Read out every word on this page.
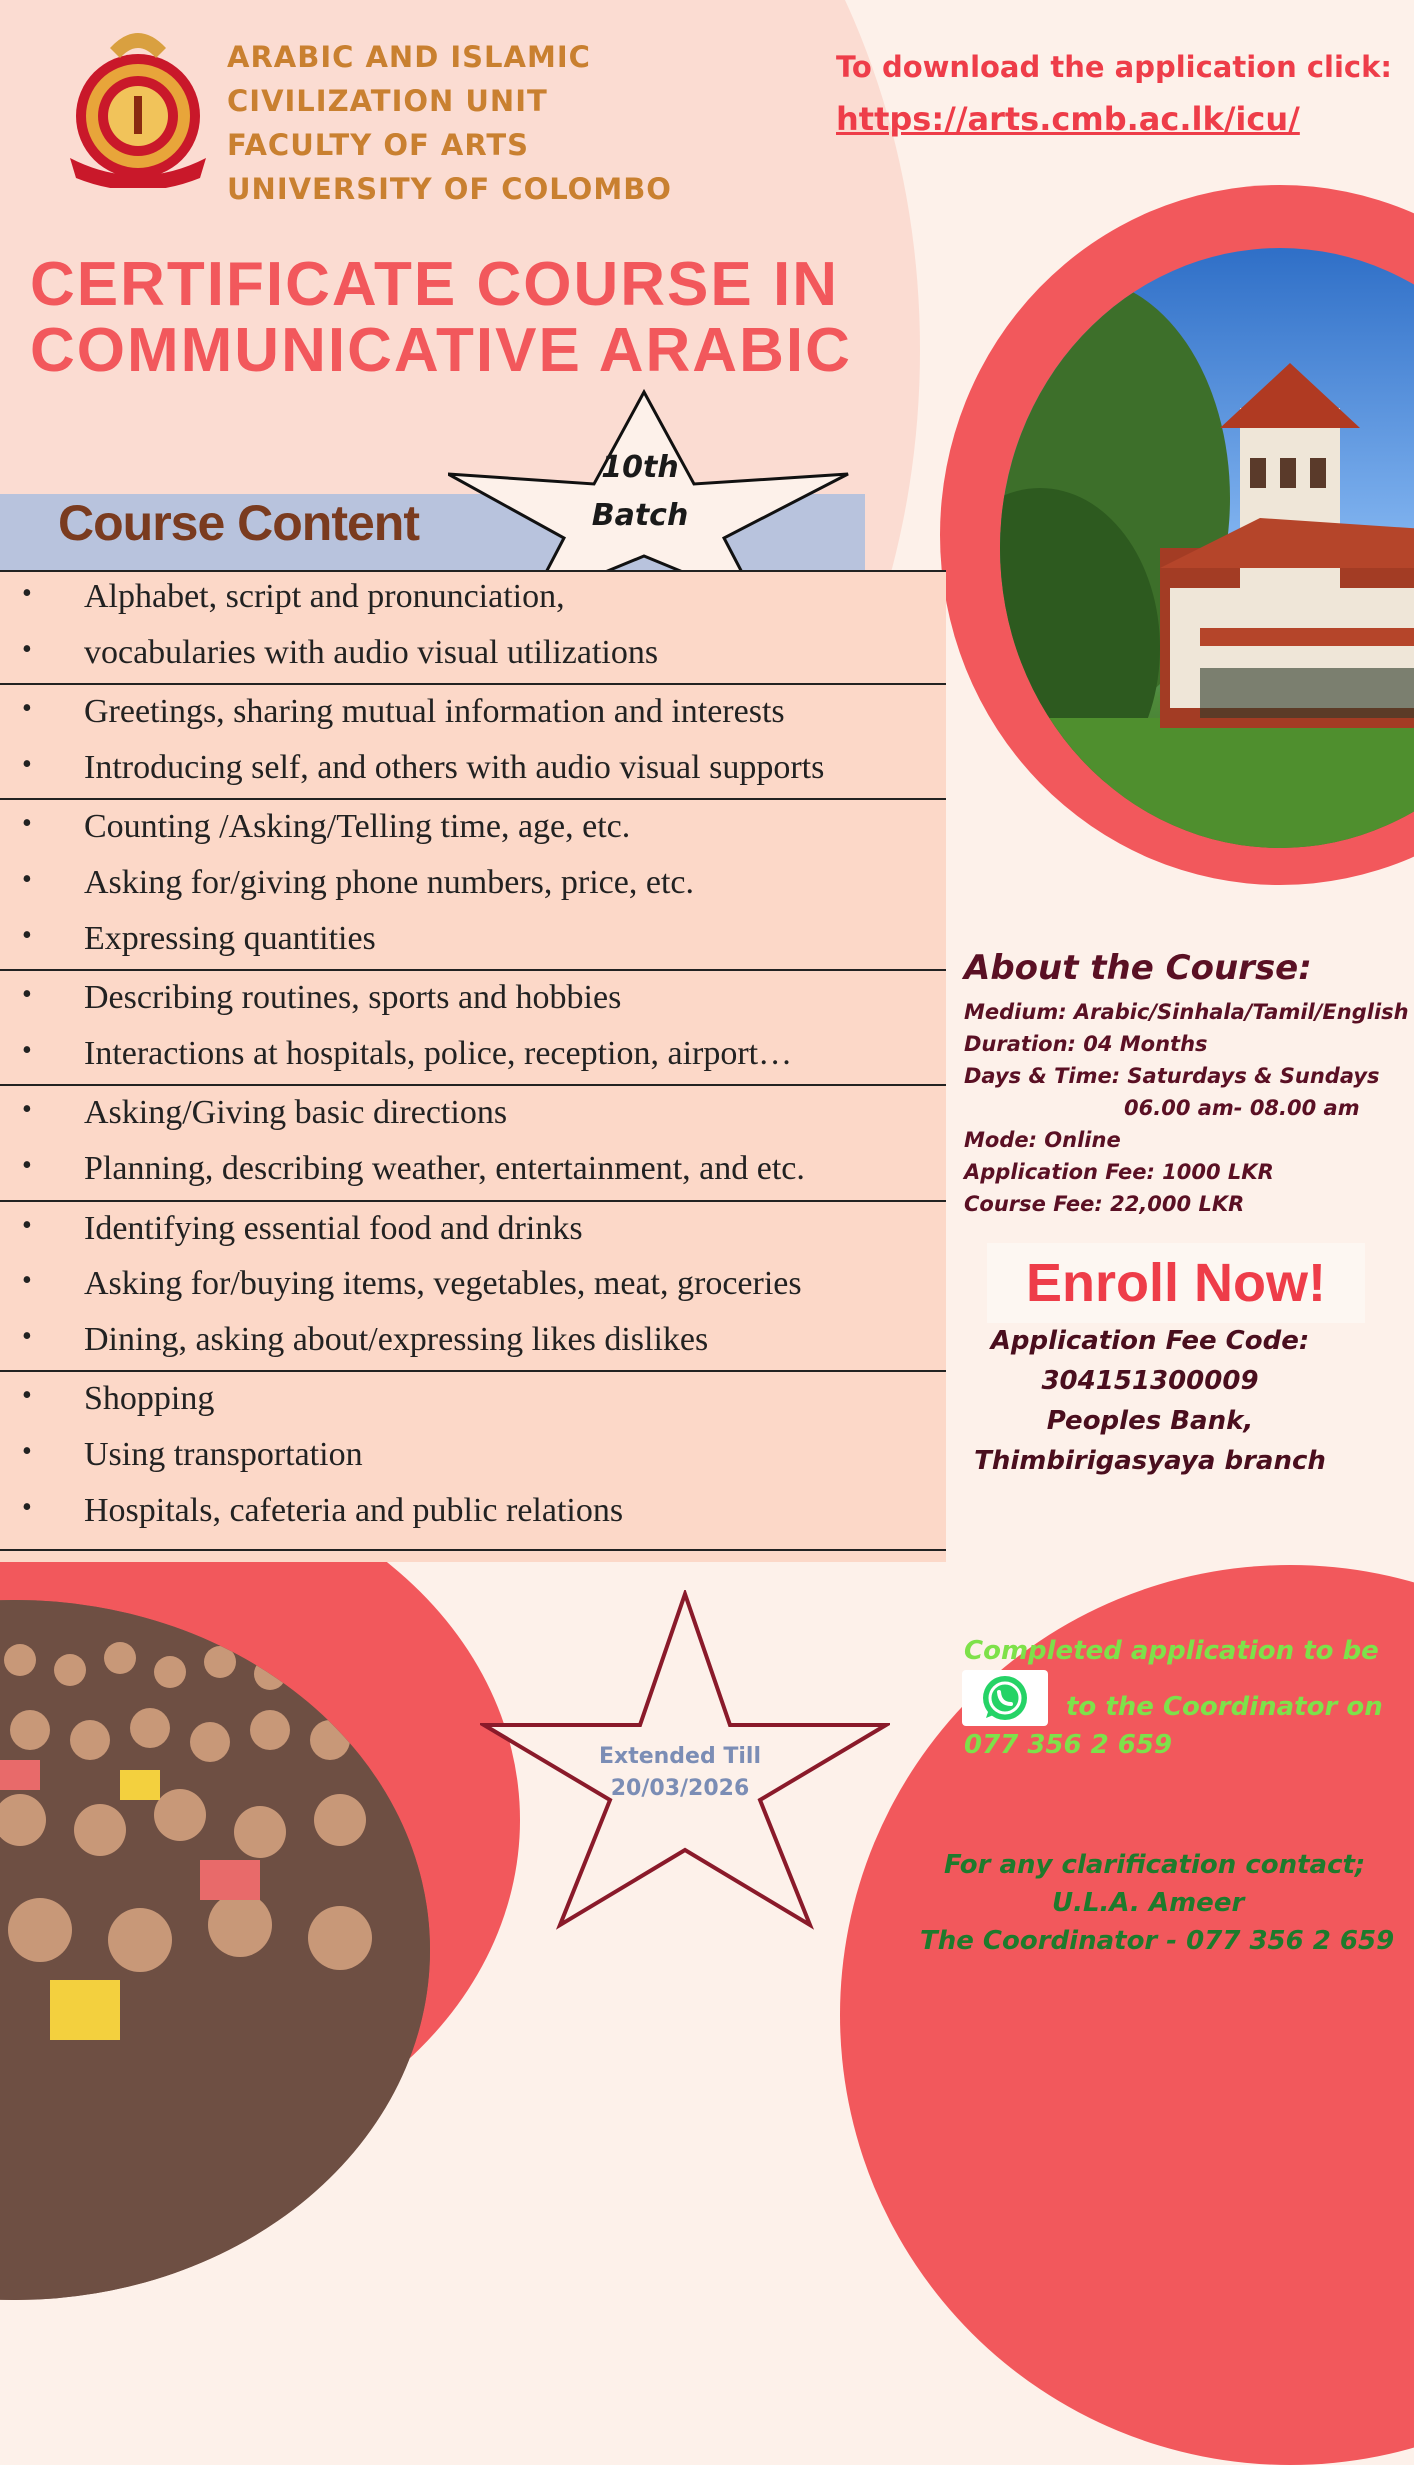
ARABIC AND ISLAMIC
CIVILIZATION UNIT
FACULTY OF ARTS
UNIVERSITY OF COLOMBO
To download the application click:
https://arts.cmb.ac.lk/icu/
CERTIFICATE COURSE IN
COMMUNICATIVE ARABIC
Course Content
10th
Batch
• Alphabet, script and pronunciation,
• vocabularies with audio visual utilizations
• Greetings, sharing mutual information and interests
• Introducing self, and others with audio visual supports
• Counting /Asking/Telling time, age, etc.
• Asking for/giving phone numbers, price, etc.
• Expressing quantities
• Describing routines, sports and hobbies
• Interactions at hospitals, police, reception, airport…
• Asking/Giving basic directions
• Planning, describing weather, entertainment, and etc.
• Identifying essential food and drinks
• Asking for/buying items, vegetables, meat, groceries
• Dining, asking about/expressing likes dislikes
• Shopping
• Using transportation
• Hospitals, cafeteria and public relations
About the Course:
Medium: Arabic/Sinhala/Tamil/English
Duration: 04 Months
Days & Time: Saturdays & Sundays
06.00 am- 08.00 am
Mode: Online
Application Fee: 1000 LKR
Course Fee: 22,000 LKR
Enroll Now!
Application Fee Code:
304151300009
Peoples Bank,
Thimbirigasyaya branch
Extended Till
20/03/2026
Completed application to be
to the Coordinator on
077 356 2 659
For any clarification contact;
U.L.A. Ameer
The Coordinator - 077 356 2 659
